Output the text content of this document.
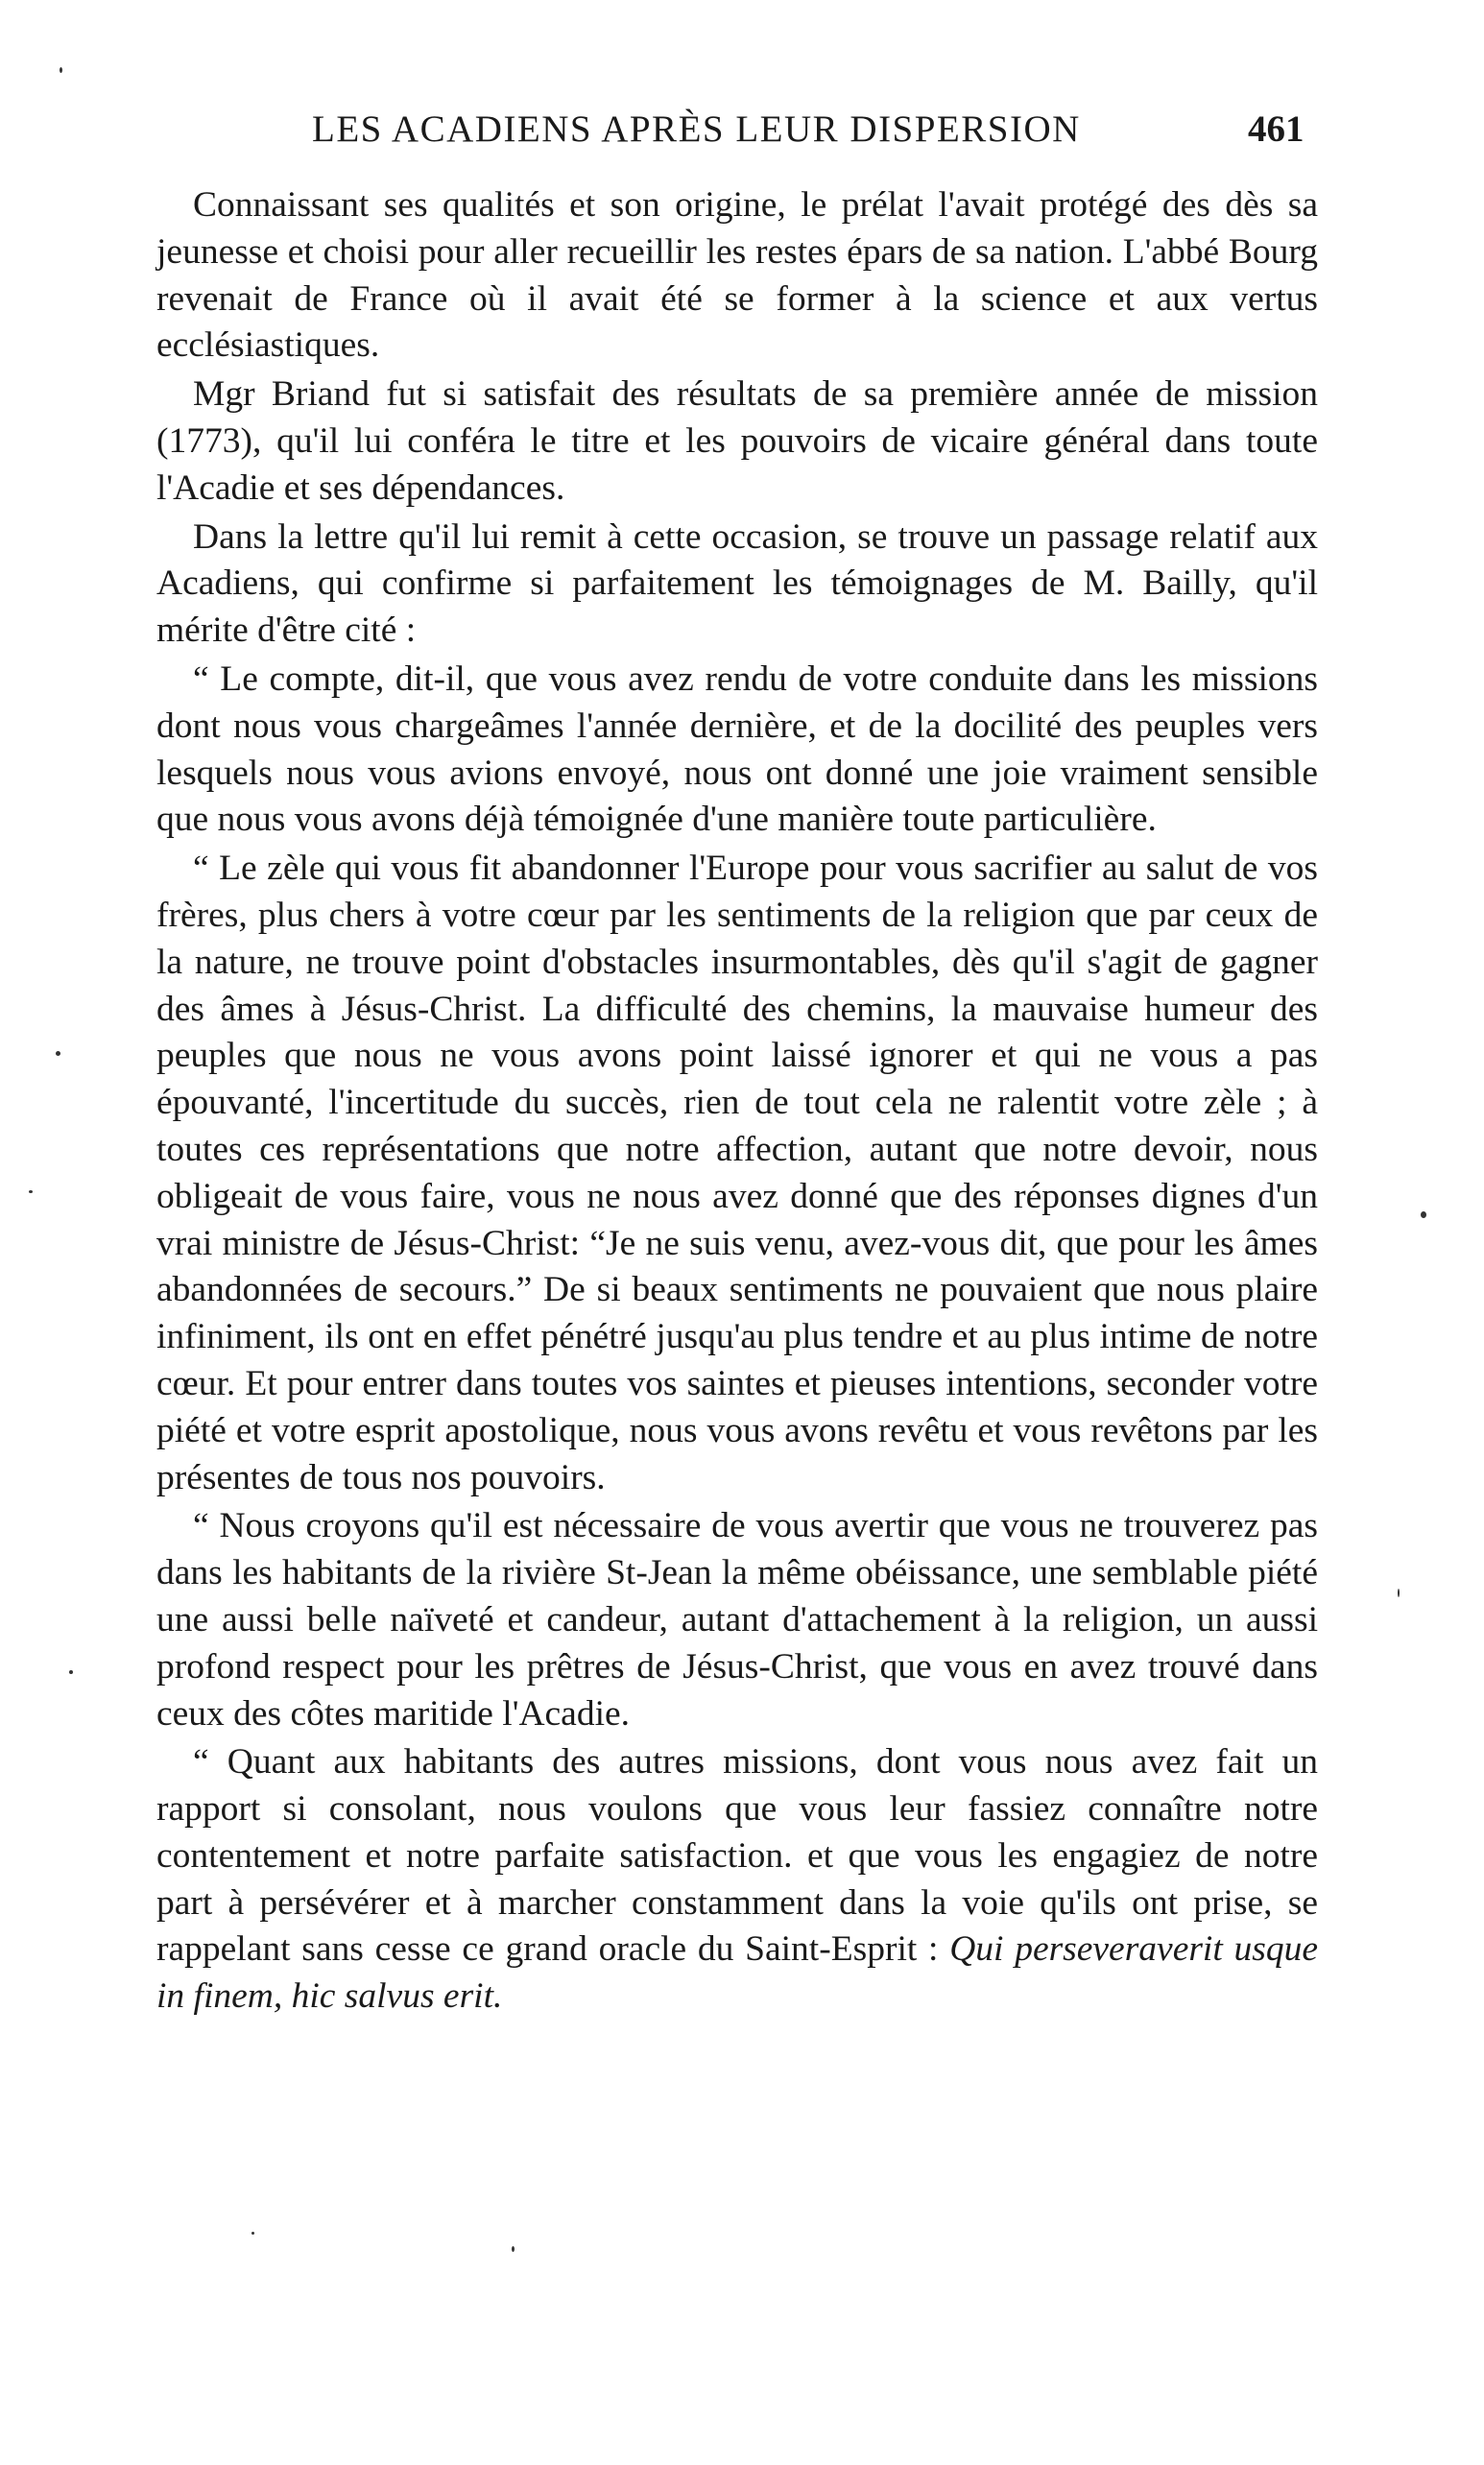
LES ACADIENS APRÈS LEUR DISPERSION	461

Connaissant ses qualités et son origine, le prélat l'avait protégé des dès sa jeunesse et choisi pour aller recueillir les restes épars de sa nation. L'abbé Bourg revenait de France où il avait été se former à la science et aux vertus ecclésiastiques.

Mgr Briand fut si satisfait des résultats de sa première année de mission (1773), qu'il lui conféra le titre et les pouvoirs de vicaire général dans toute l'Acadie et ses dépendances.

Dans la lettre qu'il lui remit à cette occasion, se trouve un passage relatif aux Acadiens, qui confirme si parfaitement les témoignages de M. Bailly, qu'il mérite d'être cité :

“ Le compte, dit-il, que vous avez rendu de votre conduite dans les missions dont nous vous chargeâmes l'année dernière, et de la docilité des peuples vers lesquels nous vous avions envoyé, nous ont donné une joie vraiment sensible que nous vous avons déjà témoignée d'une manière toute particulière.

“ Le zèle qui vous fit abandonner l'Europe pour vous sacrifier au salut de vos frères, plus chers à votre cœur par les sentiments de la religion que par ceux de la nature, ne trouve point d'obstacles insurmontables, dès qu'il s'agit de gagner des âmes à Jésus-Christ. La difficulté des chemins, la mauvaise humeur des peuples que nous ne vous avons point laissé ignorer et qui ne vous a pas épouvanté, l'incertitude du succès, rien de tout cela ne ralentit votre zèle ; à toutes ces représentations que notre affection, autant que notre devoir, nous obligeait de vous faire, vous ne nous avez donné que des réponses dignes d'un vrai ministre de Jésus-Christ: “Je ne suis venu, avez-vous dit, que pour les âmes abandonnées de secours.” De si beaux sentiments ne pouvaient que nous plaire infiniment, ils ont en effet pénétré jusqu'au plus tendre et au plus intime de notre cœur. Et pour entrer dans toutes vos saintes et pieuses intentions, seconder votre piété et votre esprit apostolique, nous vous avons revêtu et vous revêtons par les présentes de tous nos pouvoirs.

“ Nous croyons qu'il est nécessaire de vous avertir que vous ne trouverez pas dans les habitants de la rivière St-Jean la même obéissance, une semblable piété une aussi belle naïveté et candeur, autant d'attachement à la religion, un aussi profond respect pour les prêtres de Jésus-Christ, que vous en avez trouvé dans ceux des côtes maritide l'Acadie.

“ Quant aux habitants des autres missions, dont vous nous avez fait un rapport si consolant, nous voulons que vous leur fassiez connaître notre contentement et notre parfaite satisfaction. et que vous les engagiez de notre part à persévérer et à marcher constamment dans la voie qu'ils ont prise, se rappelant sans cesse ce grand oracle du Saint-Esprit : Qui perseveraverit usque in finem, hic salvus erit.
